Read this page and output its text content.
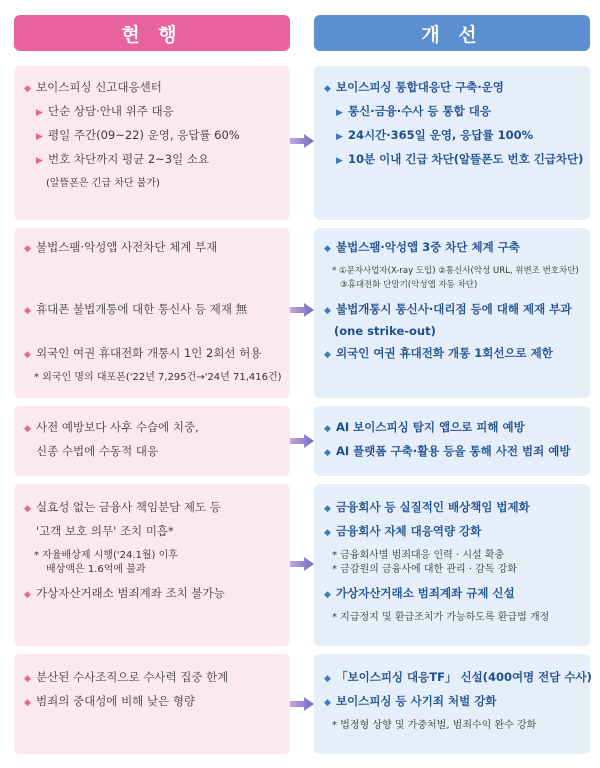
현 행	개 선
◆ 보이스피싱 신고대응센터
▶ 단순 상담·안내 위주 대응
▶ 평일 주간(09~22) 운영, 응답률 60%
▶ 번호 차단까지 평균 2~3일 소요
(알뜰폰은 긴급 차단 불가)
◆ 보이스피싱 통합대응단 구축·운영
▶ 통신·금융·수사 등 통합 대응
▶ 24시간·365일 운영, 응답률 100%
▶ 10분 이내 긴급 차단(알뜰폰도 번호 긴급차단)
◆ 불법스팸·악성앱 사전차단 체계 부재
◆ 휴대폰 불법개통에 대한 통신사 등 제재 無
◆ 외국인 여권 휴대전화 개통시 1인 2회선 허용
* 외국인 명의 대포폰('22년 7,295건→'24년 71,416건)
◆ 불법스팸·악성앱 3중 차단 체계 구축
* ①문자사업자(X-ray 도입) ②통신사(악성 URL, 위변조 번호차단)
③휴대전화 단말기(악성앱 자동 차단)
◆ 불법개통시 통신사·대리점 등에 대해 제재 부과
(one strike-out)
◆ 외국인 여권 휴대전화 개통 1회선으로 제한
◆ 사전 예방보다 사후 수습에 치중,
신종 수법에 수동적 대응
◆ AI 보이스피싱 탐지 앱으로 피해 예방
◆ AI 플랫폼 구축·활용 등을 통해 사전 범죄 예방
◆ 실효성 없는 금융사 책임분담 제도 등
'고객 보호 의무' 조치 미흡*
* 자율배상제 시행('24.1월) 이후
배상액은 1.6억에 불과
◆ 가상자산거래소 범죄계좌 조치 불가능
◆ 금융회사 등 실질적인 배상책임 법제화
◆ 금융회사 자체 대응역량 강화
* 금융회사별 범죄대응 인력 · 시설 확충
* 금감원의 금융사에 대한 관리 · 감독 강화
◆ 가상자산거래소 범죄계좌 규제 신설
* 지급정지 및 환급조치가 가능하도록 환급법 개정
◆ 분산된 수사조직으로 수사력 집중 한계
◆ 범죄의 중대성에 비해 낮은 형량
◆ 「보이스피싱 대응TF」 신설(400여명 전담 수사)
◆ 보이스피싱 등 사기죄 처벌 강화
* 법정형 상향 및 가중처벌, 범죄수익 완수 강화
